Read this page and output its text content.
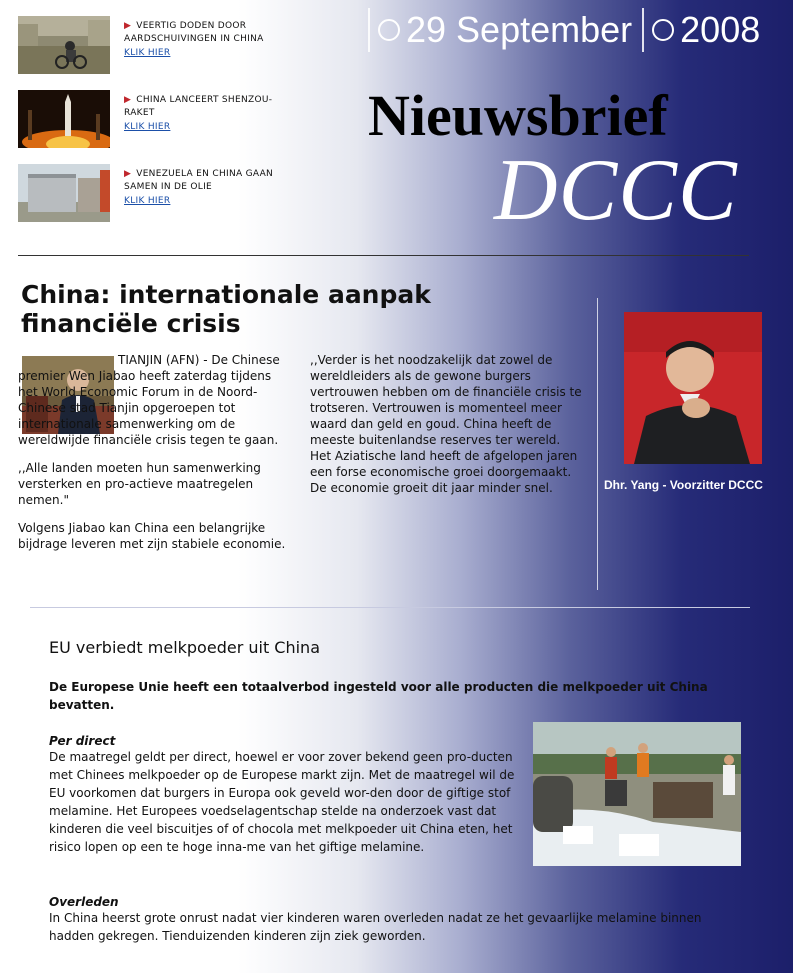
▶ VEERTIG DODEN DOOR AARDSCHUIVINGEN IN CHINA
KLIK HIER
▶ CHINA LANCEERT SHENZOU-RAKET
KLIK HIER
▶ VENEZUELA EN CHINA GAAN SAMEN IN DE OLIE
KLIK HIER
29 September 2008
Nieuwsbrief
DCCC
China: internationale aanpak financiële crisis

TIANJIN (AFN) - De Chinese premier Wen Jiabao heeft zaterdag tijdens het World Economic Forum in de Noord-Chinese stad Tianjin opgeroepen tot internationale samenwerking om de wereldwijde financiële crisis tegen te gaan.

,,Alle landen moeten hun samenwerking versterken en pro-actieve maatregelen nemen."

Volgens Jiabao kan China een belangrijke bijdrage leveren met zijn stabiele economie.

,,Verder is het noodzakelijk dat zowel de wereldleiders als de gewone burgers vertrouwen hebben om de financiële crisis te trotseren. Vertrouwen is momenteel meer waard dan geld en goud. China heeft de meeste buitenlandse reserves ter wereld. Het Aziatische land heeft de afgelopen jaren een forse economische groei doorgemaakt. De economie groeit dit jaar minder snel.	Dhr. Yang - Voorzitter DCCC
EU verbiedt melkpoeder uit China
De Europese Unie heeft een totaalverbod ingesteld voor alle producten die melkpoeder uit China bevatten.
Per direct
De maatregel geldt per direct, hoewel er voor zover bekend geen pro-ducten met Chinees melkpoeder op de Europese markt zijn. Met de maatregel wil de EU voorkomen dat burgers in Europa ook geveld wor-den door de giftige stof melamine. Het Europees voedselagentschap stelde na onderzoek vast dat kinderen die veel biscuitjes of of chocola met melkpoeder uit China eten, het risico lopen op een te hoge inna-me van het giftige melamine.
Overleden
In China heerst grote onrust nadat vier kinderen waren overleden nadat ze het gevaarlijke melamine binnen hadden gekregen. Tienduizenden kinderen zijn ziek geworden.
